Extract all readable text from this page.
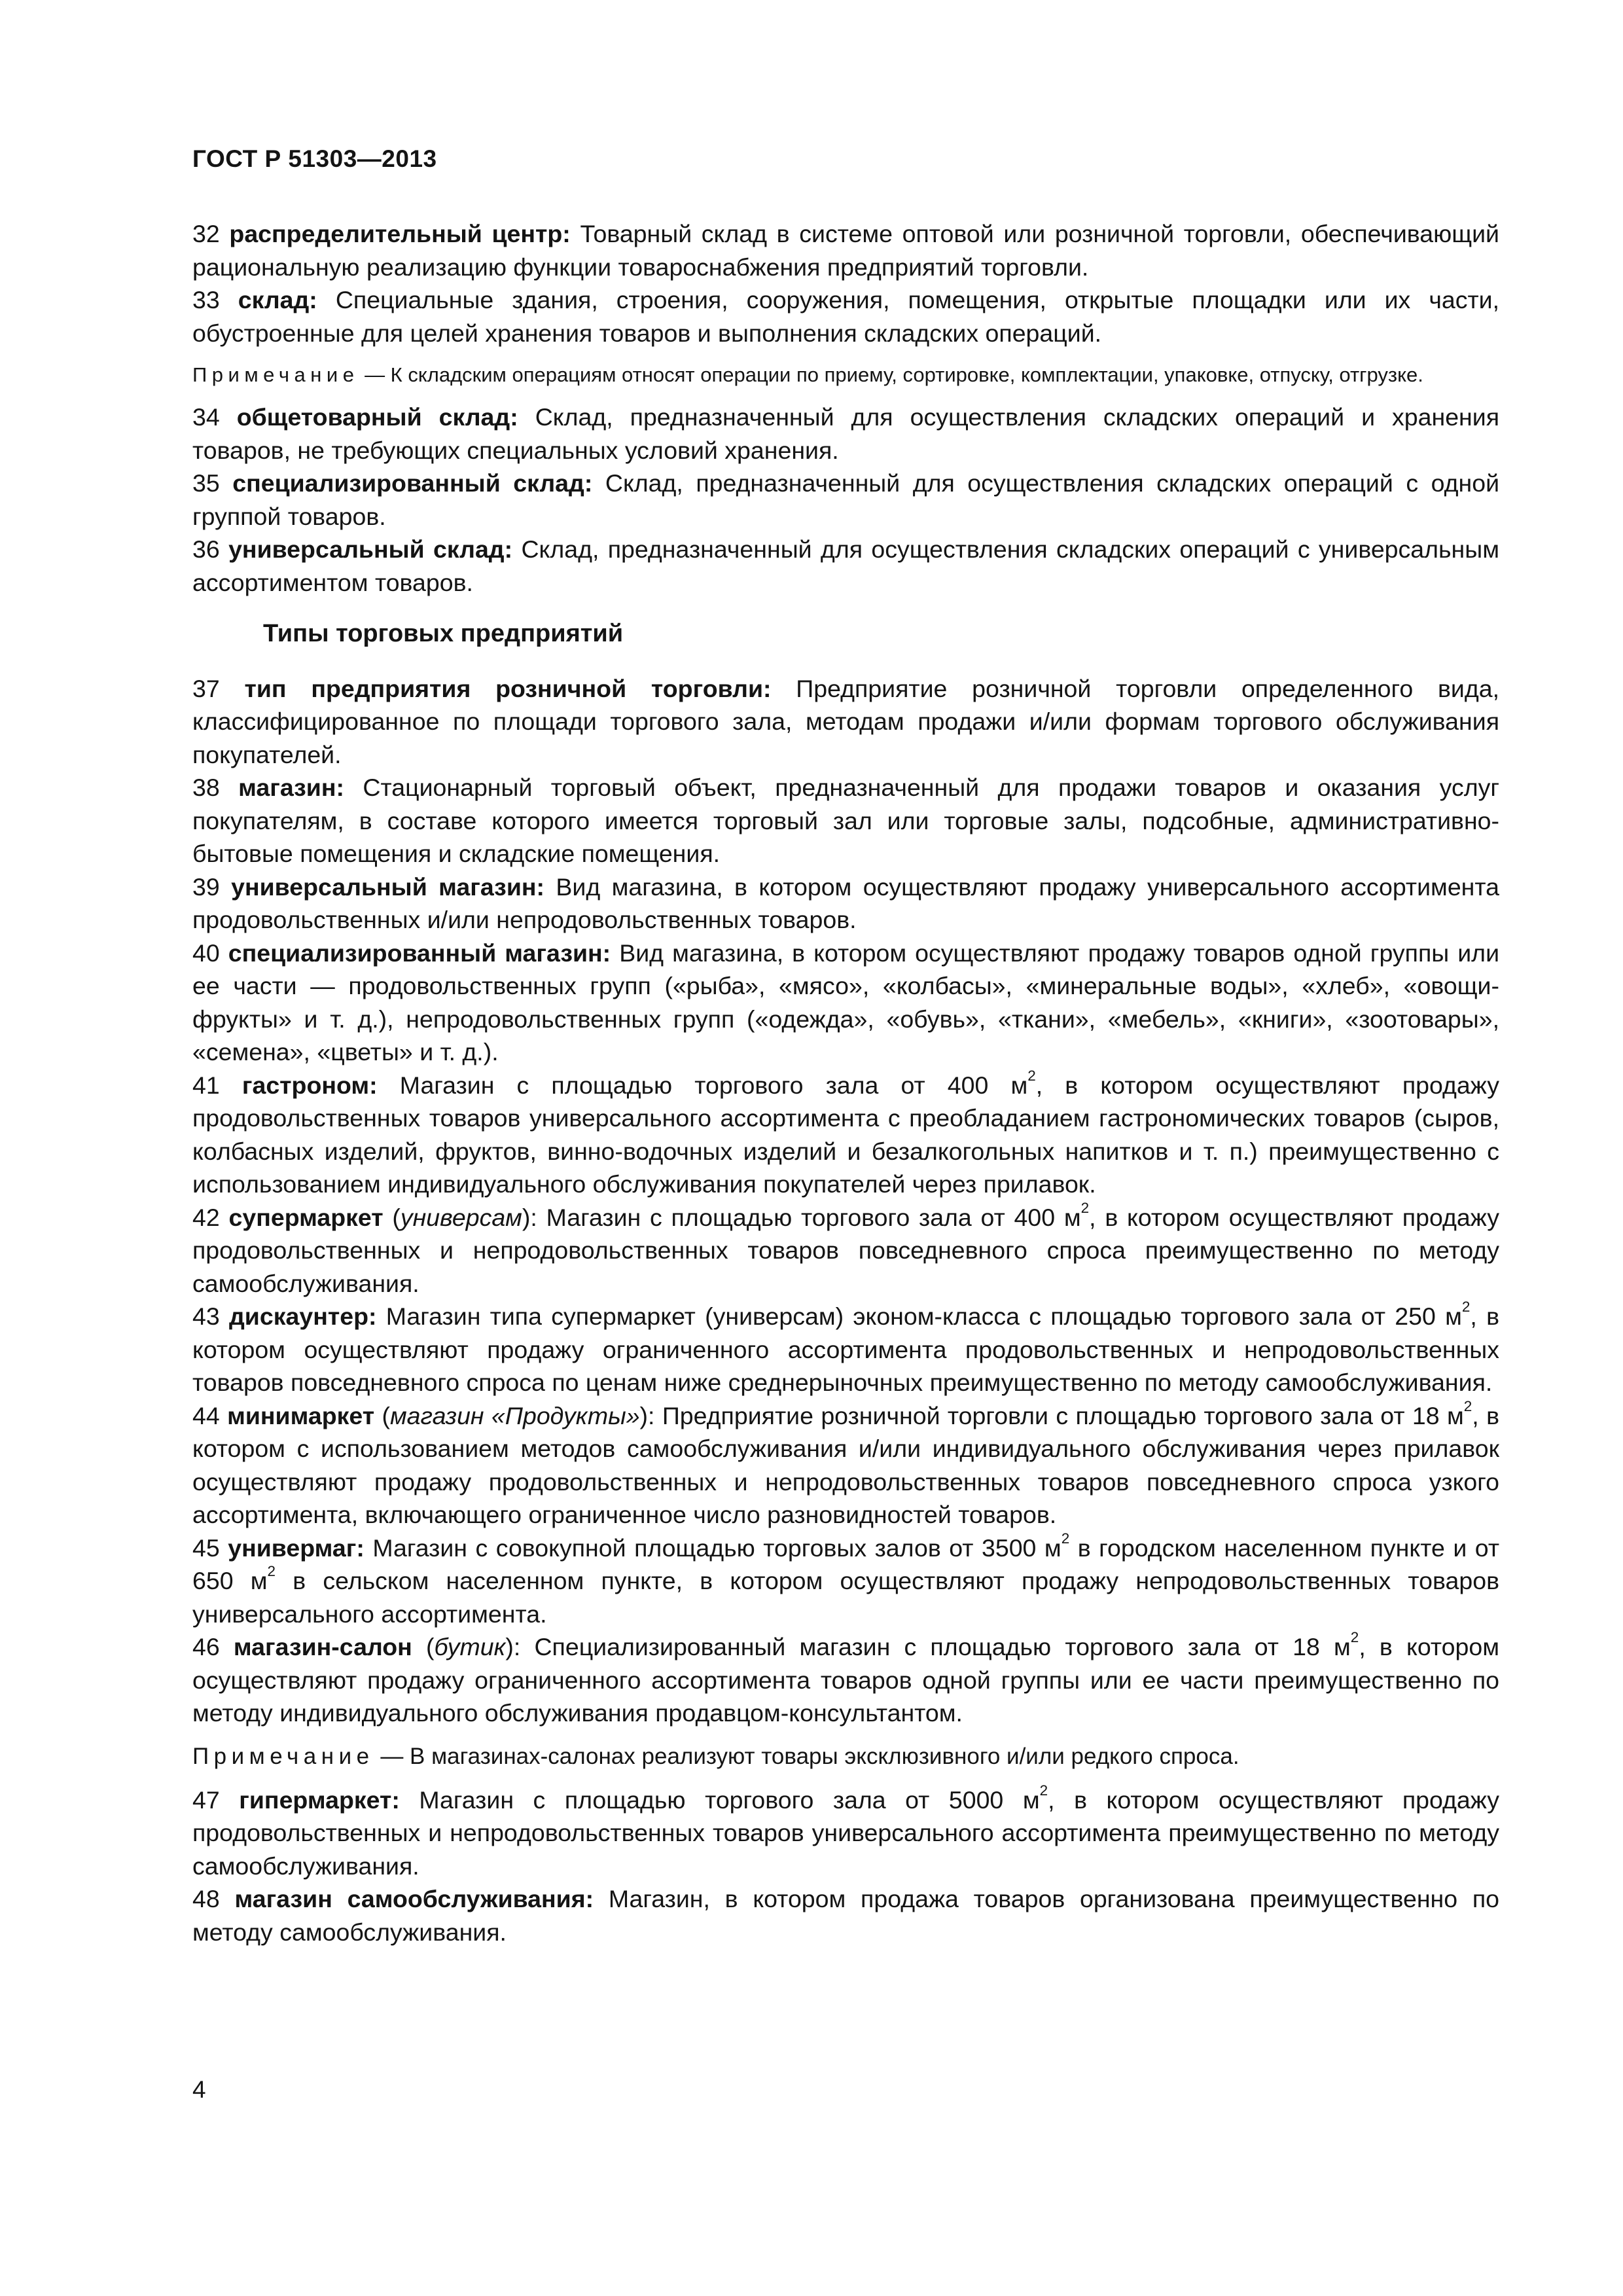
ГОСТ Р 51303—2013

32 распределительный центр: Товарный склад в системе оптовой или розничной торговли, обеспечивающий рациональную реализацию функции товароснабжения предприятий торговли.

33 склад: Специальные здания, строения, сооружения, помещения, открытые площадки или их части, обустроенные для целей хранения товаров и выполнения складских операций.

Примечание — К складским операциям относят операции по приему, сортировке, комплектации, упаковке, отпуску, отгрузке.

34 общетоварный склад: Склад, предназначенный для осуществления складских операций и хранения товаров, не требующих специальных условий хранения.

35 специализированный склад: Склад, предназначенный для осуществления складских операций с одной группой товаров.

36 универсальный склад: Склад, предназначенный для осуществления складских операций с универсальным ассортиментом товаров.

Типы торговых предприятий

37 тип предприятия розничной торговли: Предприятие розничной торговли определенного вида, классифицированное по площади торгового зала, методам продажи и/или формам торгового обслуживания покупателей.

38 магазин: Стационарный торговый объект, предназначенный для продажи товаров и оказания услуг покупателям, в составе которого имеется торговый зал или торговые залы, подсобные, административно-бытовые помещения и складские помещения.

39 универсальный магазин: Вид магазина, в котором осуществляют продажу универсального ассортимента продовольственных и/или непродовольственных товаров.

40 специализированный магазин: Вид магазина, в котором осуществляют продажу товаров одной группы или ее части — продовольственных групп («рыба», «мясо», «колбасы», «минеральные воды», «хлеб», «овощи-фрукты» и т. д.), непродовольственных групп («одежда», «обувь», «ткани», «мебель», «книги», «зоотовары», «семена», «цветы» и т. д.).

41 гастроном: Магазин с площадью торгового зала от 400 $м^2$, в котором осуществляют продажу продовольственных товаров универсального ассортимента с преобладанием гастрономических товаров (сыров, колбасных изделий, фруктов, винно-водочных изделий и безалкогольных напитков и т. п.) преимущественно с использованием индивидуального обслуживания покупателей через прилавок.

42 супермаркет (универсам): Магазин с площадью торгового зала от 400 $м^2$, в котором осуществляют продажу продовольственных и непродовольственных товаров повседневного спроса преимущественно по методу самообслуживания.

43 дискаунтер: Магазин типа супермаркет (универсам) эконом-класса с площадью торгового зала от 250 $м^2$, в котором осуществляют продажу ограниченного ассортимента продовольственных и непродовольственных товаров повседневного спроса по ценам ниже среднерыночных преимущественно по методу самообслуживания.

44 минимаркет (магазин «Продукты»): Предприятие розничной торговли с площадью торгового зала от 18 $м^2$, в котором с использованием методов самообслуживания и/или индивидуального обслуживания через прилавок осуществляют продажу продовольственных и непродовольственных товаров повседневного спроса узкого ассортимента, включающего ограниченное число разновидностей товаров.

45 универмаг: Магазин с совокупной площадью торговых залов от 3500 $м^2$ в городском населенном пункте и от 650 $м^2$ в сельском населенном пункте, в котором осуществляют продажу непродовольственных товаров универсального ассортимента.

46 магазин-салон (бутик): Специализированный магазин с площадью торгового зала от 18 $м^2$, в котором осуществляют продажу ограниченного ассортимента товаров одной группы или ее части преимущественно по методу индивидуального обслуживания продавцом-консультантом.

Примечание — В магазинах-салонах реализуют товары эксклюзивного и/или редкого спроса.

47 гипермаркет: Магазин с площадью торгового зала от 5000 $м^2$, в котором осуществляют продажу продовольственных и непродовольственных товаров универсального ассортимента преимущественно по методу самообслуживания.

48 магазин самообслуживания: Магазин, в котором продажа товаров организована преимущественно по методу самообслуживания.

4
